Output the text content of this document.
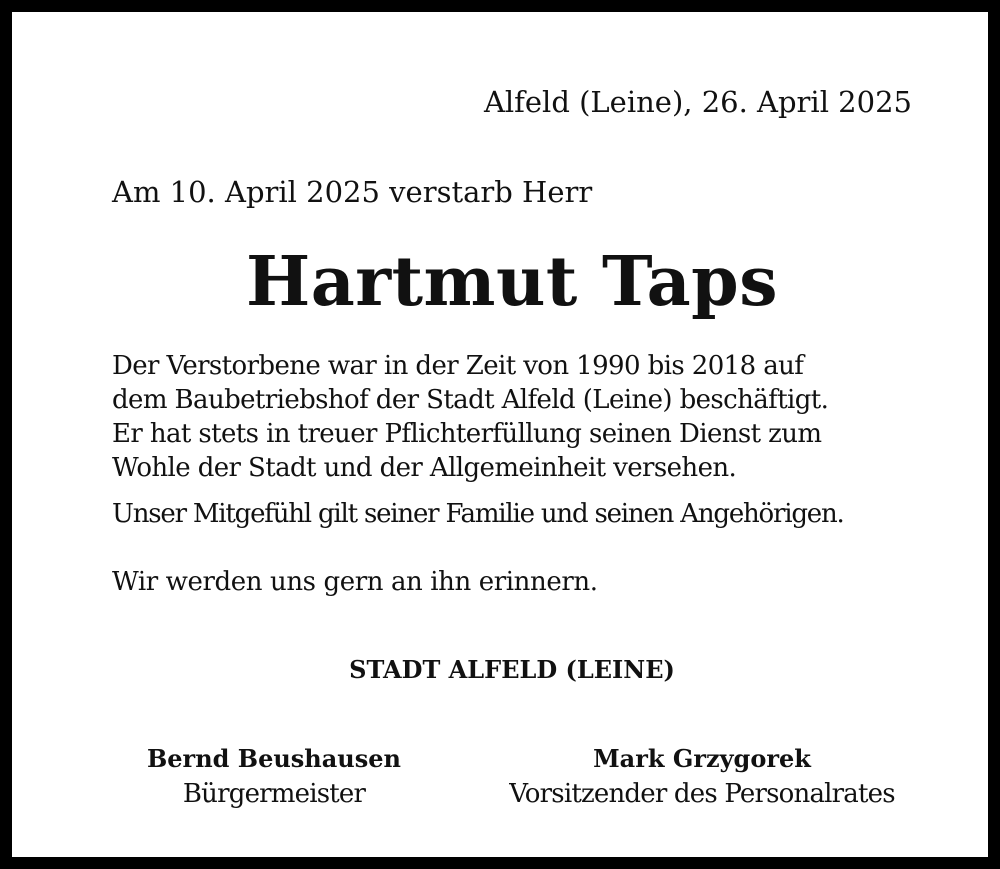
Alfeld (Leine), 26. April 2025
Am 10. April 2025 verstarb Herr
Hartmut Taps
Der Verstorbene war in der Zeit von 1990 bis 2018 auf
dem Baubetriebshof der Stadt Alfeld (Leine) beschäftigt.
Er hat stets in treuer Pflichterfüllung seinen Dienst zum
Wohle der Stadt und der Allgemeinheit versehen.
Unser Mitgefühl gilt seiner Familie und seinen Angehörigen.
Wir werden uns gern an ihn erinnern.
STADT ALFELD (LEINE)
Bernd Beushausen
Bürgermeister
Mark Grzygorek
Vorsitzender des Personalrates
